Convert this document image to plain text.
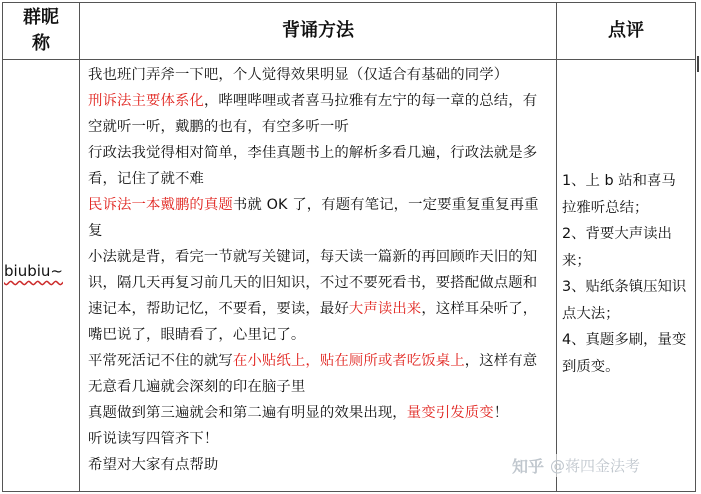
群昵称
背诵方法	点评
biubiu~

我也班门弄斧一下吧，个人觉得效果明显（仅适合有基础的同学）

刑诉法主要体系化，哔哩哔哩或者喜马拉雅有左宁的每一章的总结，有空就听一听，戴鹏的也有，有空多听一听

行政法我觉得相对简单，李佳真题书上的解析多看几遍，行政法就是多看，记住了就不难

民诉法一本戴鹏的真题书就 OK 了，有题有笔记，一定要重复重复再重复

小法就是背，看完一节就写关键词，每天读一篇新的再回顾昨天旧的知识，隔几天再复习前几天的旧知识，不过不要死看书，要搭配做点题和速记本，帮助记忆，不要看，要读，最好大声读出来，这样耳朵听了，嘴巴说了，眼睛看了，心里记了。

平常死活记不住的就写在小贴纸上，贴在厕所或者吃饭桌上，这样有意无意看几遍就会深刻的印在脑子里

真题做到第三遍就会和第二遍有明显的效果出现，量变引发质变！

听说读写四管齐下！

希望对大家有点帮助

1、上 b 站和喜马拉雅听总结；

2、背要大声读出来；

3、贴纸条镇压知识点大法；

4、真题多刷，量变到质变。

知乎 @蒋四金法考
